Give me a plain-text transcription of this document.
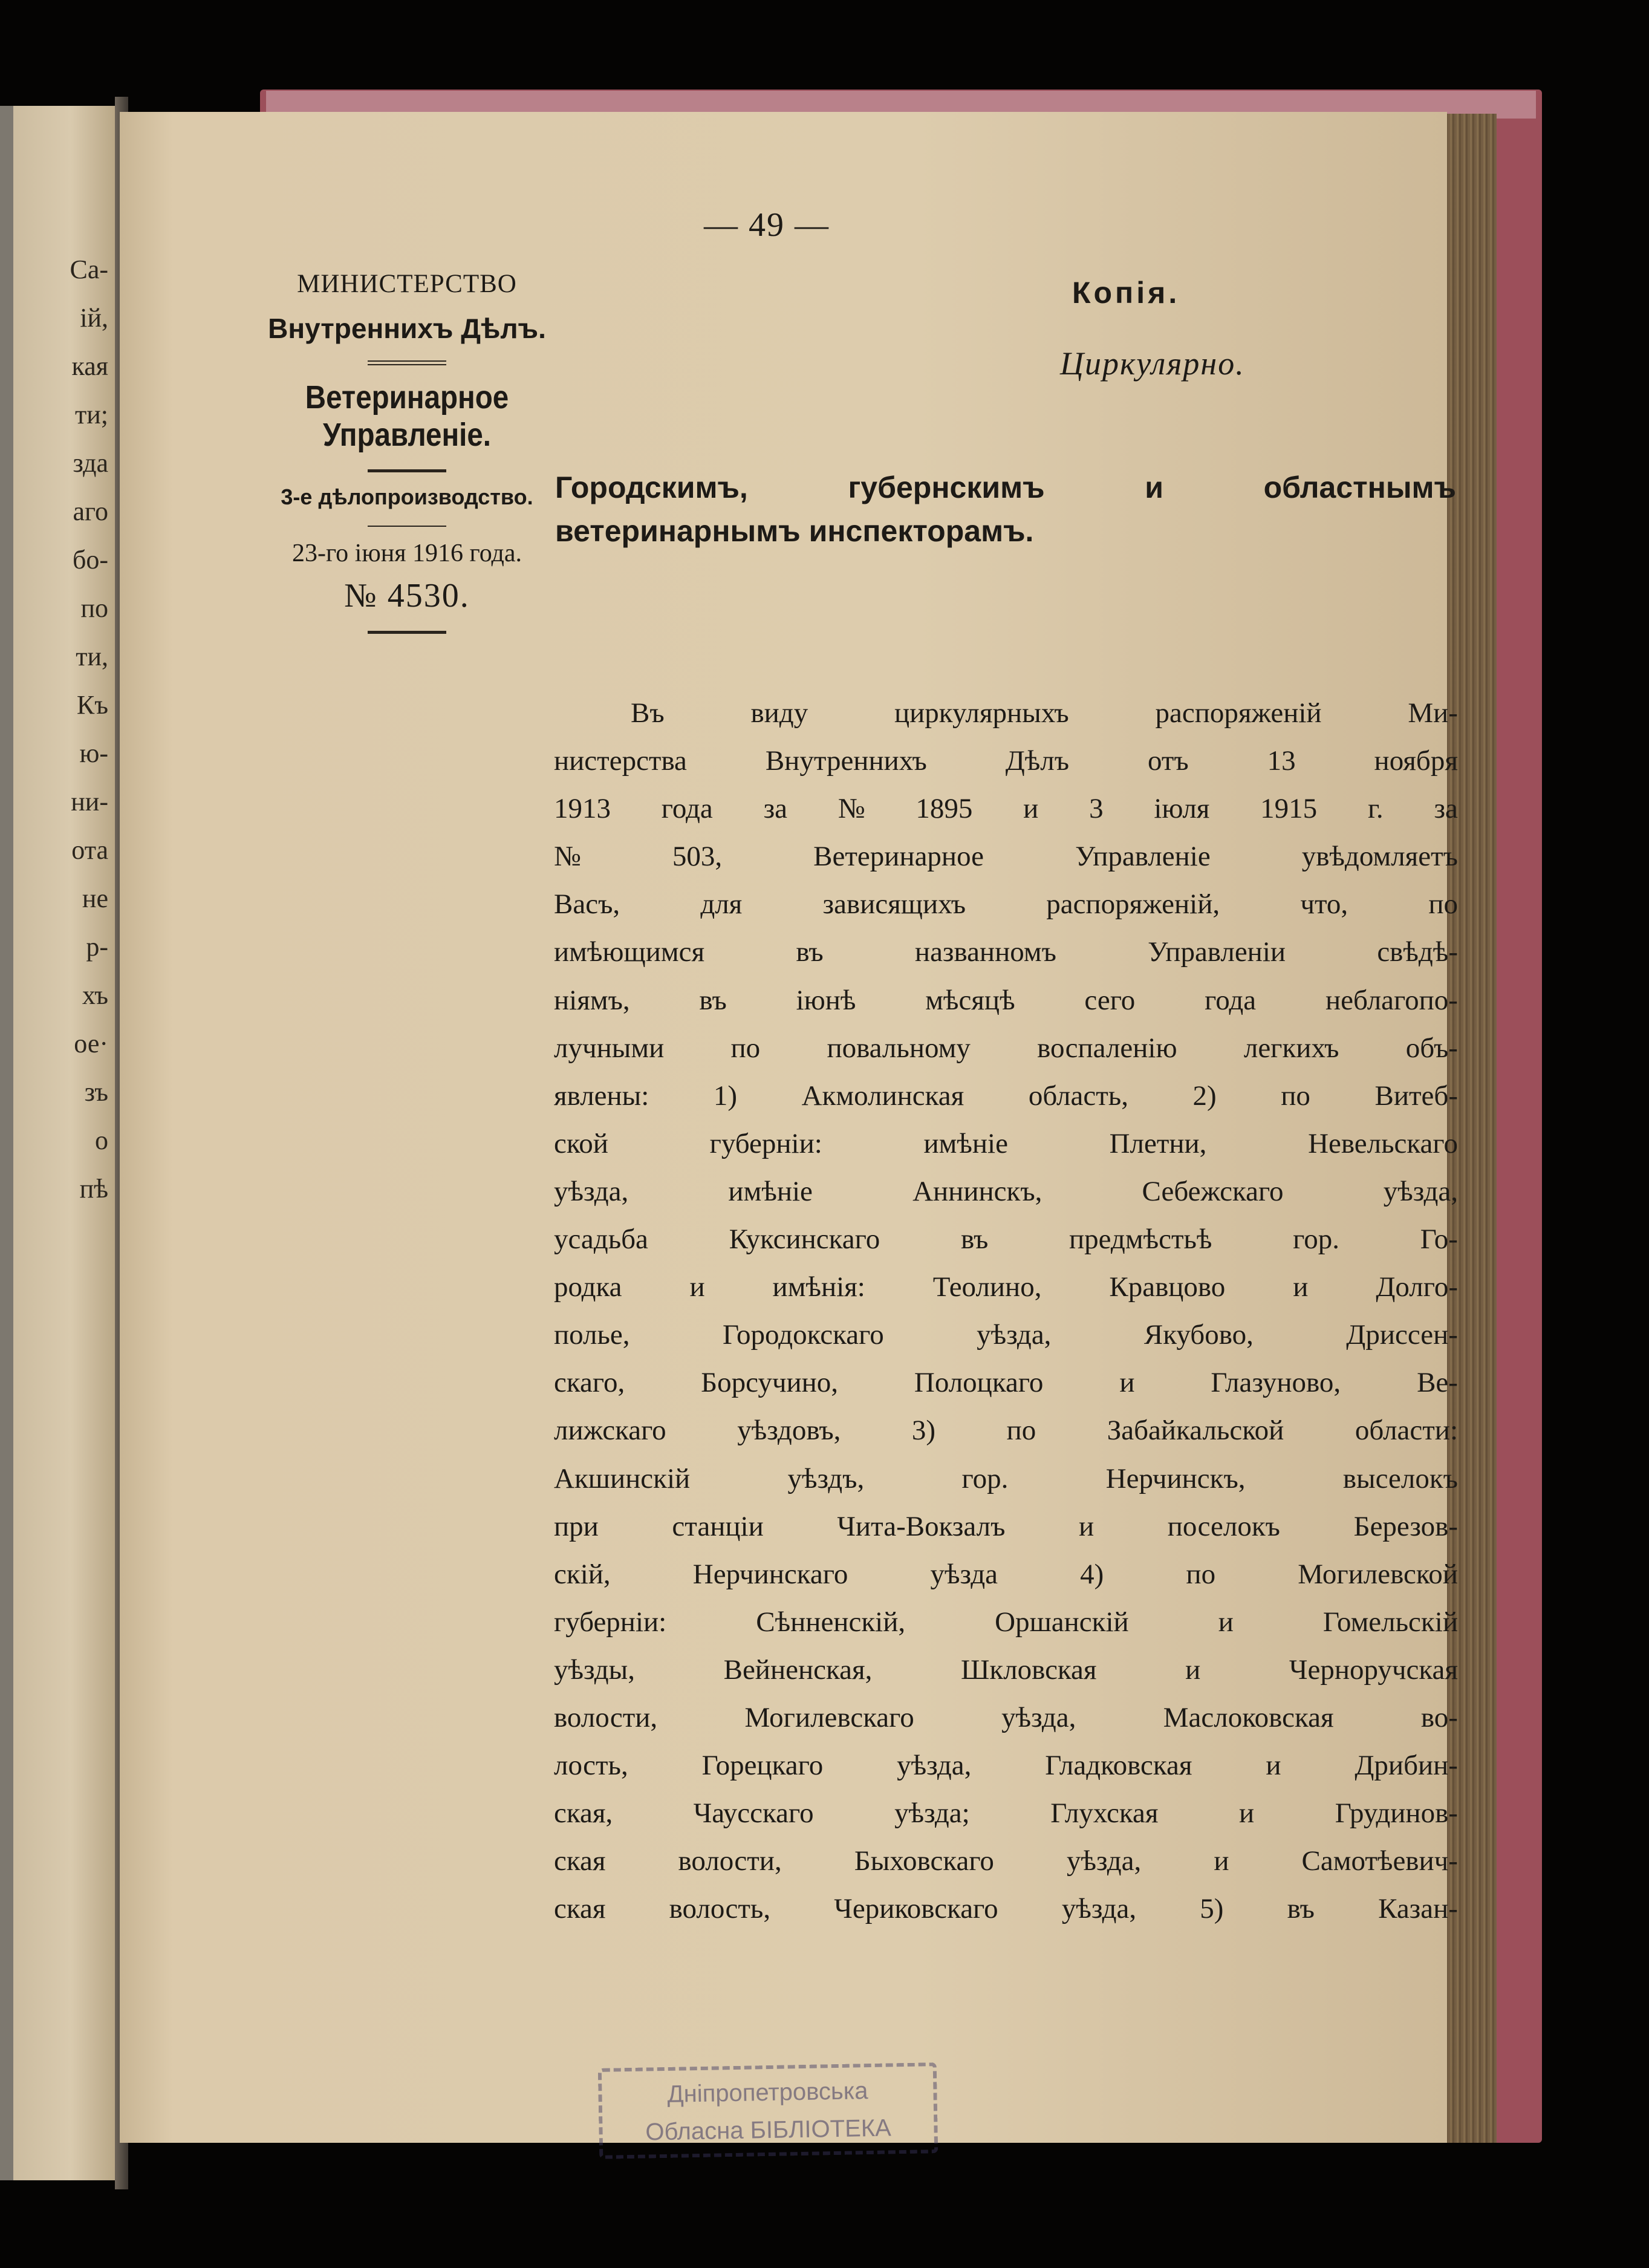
Са-
ій,
кая
ти;
зда
аго
бо-
по
ти,
Къ
ю-
ни-
ота
не
р-
хъ
ое·
зъ
о
пѣ
— 49 —
МИНИСТЕРСТВО
Внутреннихъ Дѣлъ.
Ветеринарное Управленіе.
3-е дѣлопроизводство.
23-го іюня 1916 года.
№ 4530.
Копія.
Циркулярно.
Городскимъ,	губернскимъ	и	областнымъ
ветеринарнымъ инспекторамъ.
Въ	виду	циркулярныхъ	распоряженій	Ми-
нистерства	Внутреннихъ	Дѣлъ	отъ	13	ноября
1913 года за № 1895 и 3 іюля 1915 г. за
№	503,	Ветеринарное	Управленіе	увѣдомляетъ
Васъ,	для	зависящихъ	распоряженій,	что,	по
имѣющимся	въ	названномъ	Управленіи	свѣдѣ-
ніямъ, въ іюнѣ мѣсяцѣ сего года неблагопо-
лучными по повальному воспаленію легкихъ объ-
явлены: 1) Акмолинская область, 2) по Витеб-
ской	губерніи:	имѣніе	Плетни,	Невельскаго
уѣзда,	имѣніе	Аннинскъ,	Себежскаго	уѣзда,
усадьба	Куксинскаго	въ	предмѣстьѣ	гор.	Го-
родка и имѣнія: Теолино, Кравцово и Долго-
полье,	Городокскаго	уѣзда,	Якубово,	Дриссен-
скаго,	Борсучино,	Полоцкаго	и	Глазуново,	Ве-
лижскаго	уѣздовъ,	3)	по	Забайкальской	области:
Акшинскій	уѣздъ,	гор.	Нерчинскъ,	выселокъ
при	станціи	Чита-Вокзалъ	и	поселокъ	Березов-
скій,	Нерчинскаго	уѣзда	4)	по	Могилевской
губерніи:	Сѣнненскій,	Оршанскій	и	Гомельскій
уѣзды,	Вейненская,	Шкловская	и	Черноручская
волости,	Могилевскаго	уѣзда,	Маслоковская	во-
лость,	Горецкаго	уѣзда,	Гладковская	и	Дрибин-
ская,	Чаусскаго	уѣзда;	Глухская	и	Грудинов-
ская	волости,	Быховскаго	уѣзда,	и	Самотѣевич-
ская волость, Чериковскаго уѣзда, 5) въ Казан-
Дніпропетровська
Обласна БІБЛІОТЕКА
